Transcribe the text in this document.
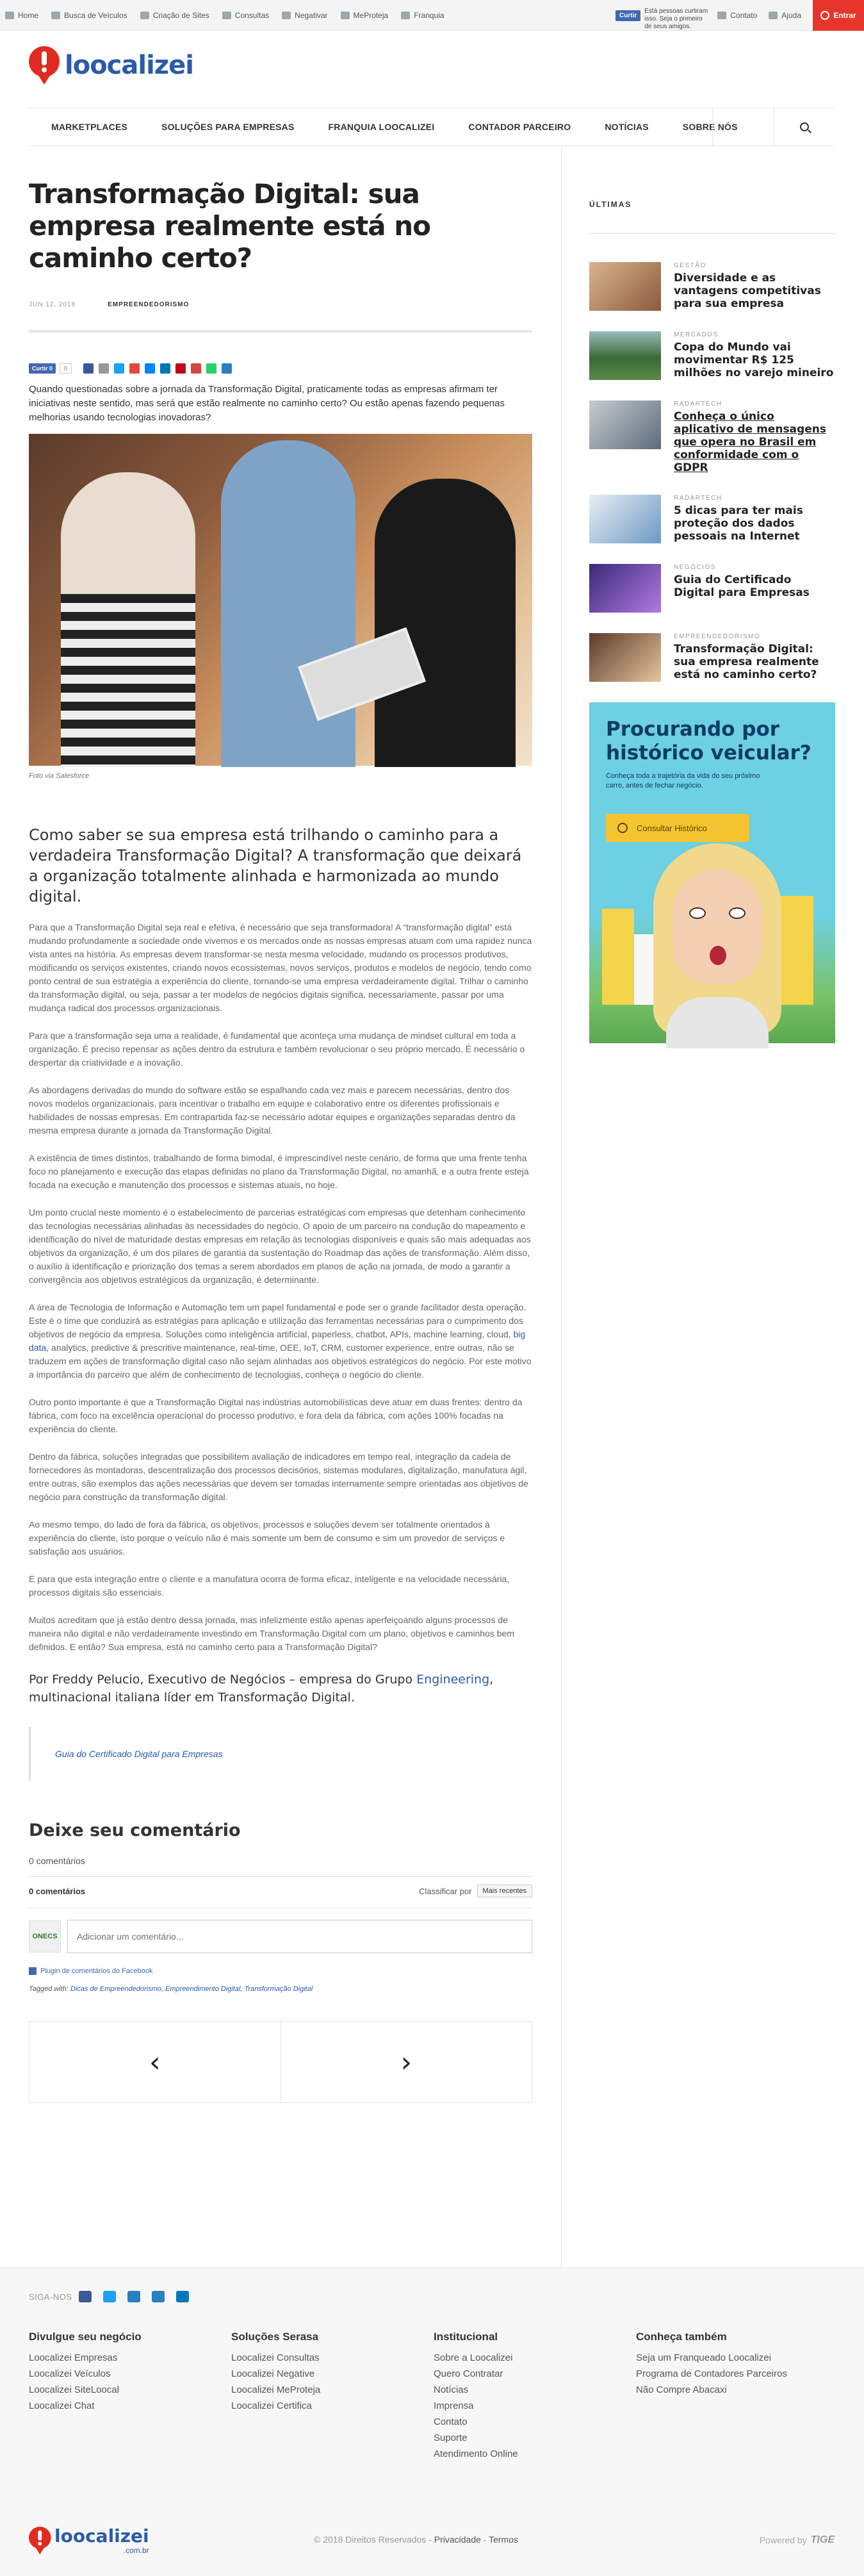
Home	Busca de Veículos	Criação de Sites	Consultas	Negativar	MeProteja	Franquia	Curtir
Está pessoas curtiram isso. Seja o primeiro de seus amigos.
Contato	Ajuda	Entrar
loocalizei
MARKETPLACES	SOLUÇÕES PARA EMPRESAS	FRANQUIA LOOCALIZEI	CONTADOR PARCEIRO	NOTÍCIAS	SOBRE NÓS
Transformação Digital: sua empresa realmente está no caminho certo?
JUN 12, 2018	EMPREENDEDORISMO
Curtir 0	0

Quando questionadas sobre a jornada da Transformação Digital, praticamente todas as empresas afirmam ter iniciativas neste sentido, mas será que estão realmente no caminho certo? Ou estão apenas fazendo pequenas melhorias usando tecnologias inovadoras?

Foto via Salesforce

Como saber se sua empresa está trilhando o caminho para a verdadeira Transformação Digital? A transformação que deixará a organização totalmente alinhada e harmonizada ao mundo digital.

Para que a Transformação Digital seja real e efetiva, é necessário que seja transformadora! A “transformação digital” está mudando profundamente a sociedade onde vivemos e os mercados onde as nossas empresas atuam com uma rapidez nunca vista antes na história. As empresas devem transformar-se nesta mesma velocidade, mudando os processos produtivos, modificando os serviços existentes, criando novos ecossistemas, novos serviços, produtos e modelos de negócio, tendo como ponto central de sua estratégia a experiência do cliente, tornando-se uma empresa verdadeiramente digital. Trilhar o caminho da transformação digital, ou seja, passar a ter modelos de negócios digitais significa, necessariamente, passar por uma mudança radical dos processos organizacionais.

Para que a transformação seja uma a realidade, é fundamental que aconteça uma mudança de mindset cultural em toda a organização. É preciso repensar as ações dentro da estrutura e também revolucionar o seu próprio mercado. É necessário o despertar da criatividade e a inovação.

As abordagens derivadas do mundo do software estão se espalhando cada vez mais e parecem necessárias, dentro dos novos modelos organizacionais, para incentivar o trabalho em equipe e colaborativo entre os diferentes profissionais e habilidades de nossas empresas. Em contrapartida faz-se necessário adotar equipes e organizações separadas dentro da mesma empresa durante a jornada da Transformação Digital.

A existência de times distintos, trabalhando de forma bimodal, é imprescindível neste cenário, de forma que uma frente tenha foco no planejamento e execução das etapas definidas no plano da Transformação Digital, no amanhã, e a outra frente esteja focada na execução e manutenção dos processos e sistemas atuais, no hoje.

Um ponto crucial neste momento é o estabelecimento de parcerias estratégicas com empresas que detenham conhecimento das tecnologias necessárias alinhadas às necessidades do negócio. O apoio de um parceiro na condução do mapeamento e identificação do nível de maturidade destas empresas em relação às tecnologias disponíveis e quais são mais adequadas aos objetivos da organização, é um dos pilares de garantia da sustentação do Roadmap das ações de transformação. Além disso, o auxílio à identificação e priorização dos temas a serem abordados em planos de ação na jornada, de modo a garantir a convergência aos objetivos estratégicos da organização, é determinante.

A área de Tecnologia de Informação e Automação tem um papel fundamental e pode ser o grande facilitador desta operação. Este é o time que conduzirá as estratégias para aplicação e utilização das ferramentas necessárias para o cumprimento dos objetivos de negócio da empresa. Soluções como inteligência artificial, paperless, chatbot, APIs, machine learning, cloud, big data, analytics, predictive & prescritive maintenance, real-time, OEE, IoT, CRM, customer experience, entre outras, não se traduzem em ações de transformação digital caso não sejam alinhadas aos objetivos estratégicos do negócio. Por este motivo a importância do parceiro que além de conhecimento de tecnologias, conheça o negócio do cliente.

Outro ponto importante é que a Transformação Digital nas indústrias automobilísticas deve atuar em duas frentes: dentro da fábrica, com foco na excelência operacional do processo produtivo, e fora dela da fábrica, com ações 100% focadas na experiência do cliente.

Dentro da fábrica, soluções integradas que possibilitem avaliação de indicadores em tempo real, integração da cadeia de fornecedores às montadoras, descentralização dos processos decisórios, sistemas modulares, digitalização, manufatura ágil, entre outras, são exemplos das ações necessárias que devem ser tomadas internamente sempre orientadas aos objetivos de negócio para construção da transformação digital.

Ao mesmo tempo, do lado de fora da fábrica, os objetivos, processos e soluções devem ser totalmente orientados à experiência do cliente, isto porque o veículo não é mais somente um bem de consumo e sim um provedor de serviços e satisfação aos usuários.

E para que esta integração entre o cliente e a manufatura ocorra de forma eficaz, inteligente e na velocidade necessária, processos digitais são essenciais.

Muitos acreditam que já estão dentro dessa jornada, mas infelizmente estão apenas aperfeiçoando alguns processos de maneira não digital e não verdadeiramente investindo em Transformação Digital com um plano, objetivos e caminhos bem definidos. E então? Sua empresa, está no caminho certo para a Transformação Digital?

Por Freddy Pelucio, Executivo de Negócios – empresa do Grupo Engineering, multinacional italiana líder em Transformação Digital.

Guia do Certificado Digital para Empresas
Deixe seu comentário

0 comentários

0 comentários	Classificar por	Mais recentes
ONECS
Adicionar um comentário...
Plugin de comentários do Facebook

Tagged with: Dicas de Empreendedorismo, Empreendimento Digital, Transformação Digital

‹	›
ÚLTIMAS
GESTÃO
Diversidade e as vantagens competitivas para sua empresa
MERCADOS
Copa do Mundo vai movimentar R$ 125 milhões no varejo mineiro
RADARTECH
Conheça o único aplicativo de mensagens que opera no Brasil em conformidade com o GDPR
RADARTECH
5 dicas para ter mais proteção dos dados pessoais na Internet
NEGÓCIOS
Guia do Certificado Digital para Empresas
EMPREENDEDORISMO
Transformação Digital: sua empresa realmente está no caminho certo?
Procurando por histórico veicular?
Conheça toda a trajetória da vida do seu próximo carro, antes de fechar negócio.
Consultar Histórico
SIGA-NOS
Divulgue seu negócio
Loocalizei Empresas
Loocalizei Veículos
Loocalizei SiteLoocal
Loocalizei Chat
Soluções Serasa
Loocalizei Consultas
Loocalizei Negative
Loocalizei MeProteja
Loocalizei Certifica
Institucional
Sobre a Loocalizei
Quero Contratar
Notícias
Imprensa
Contato
Suporte
Atendimento Online
Conheça também
Seja um Franqueado Loocalizei
Programa de Contadores Parceiros
Não Compre Abacaxi
loocalizei
.com.br
© 2018 Direitos Reservados - Privacidade - Termos	Powered by TIGE
